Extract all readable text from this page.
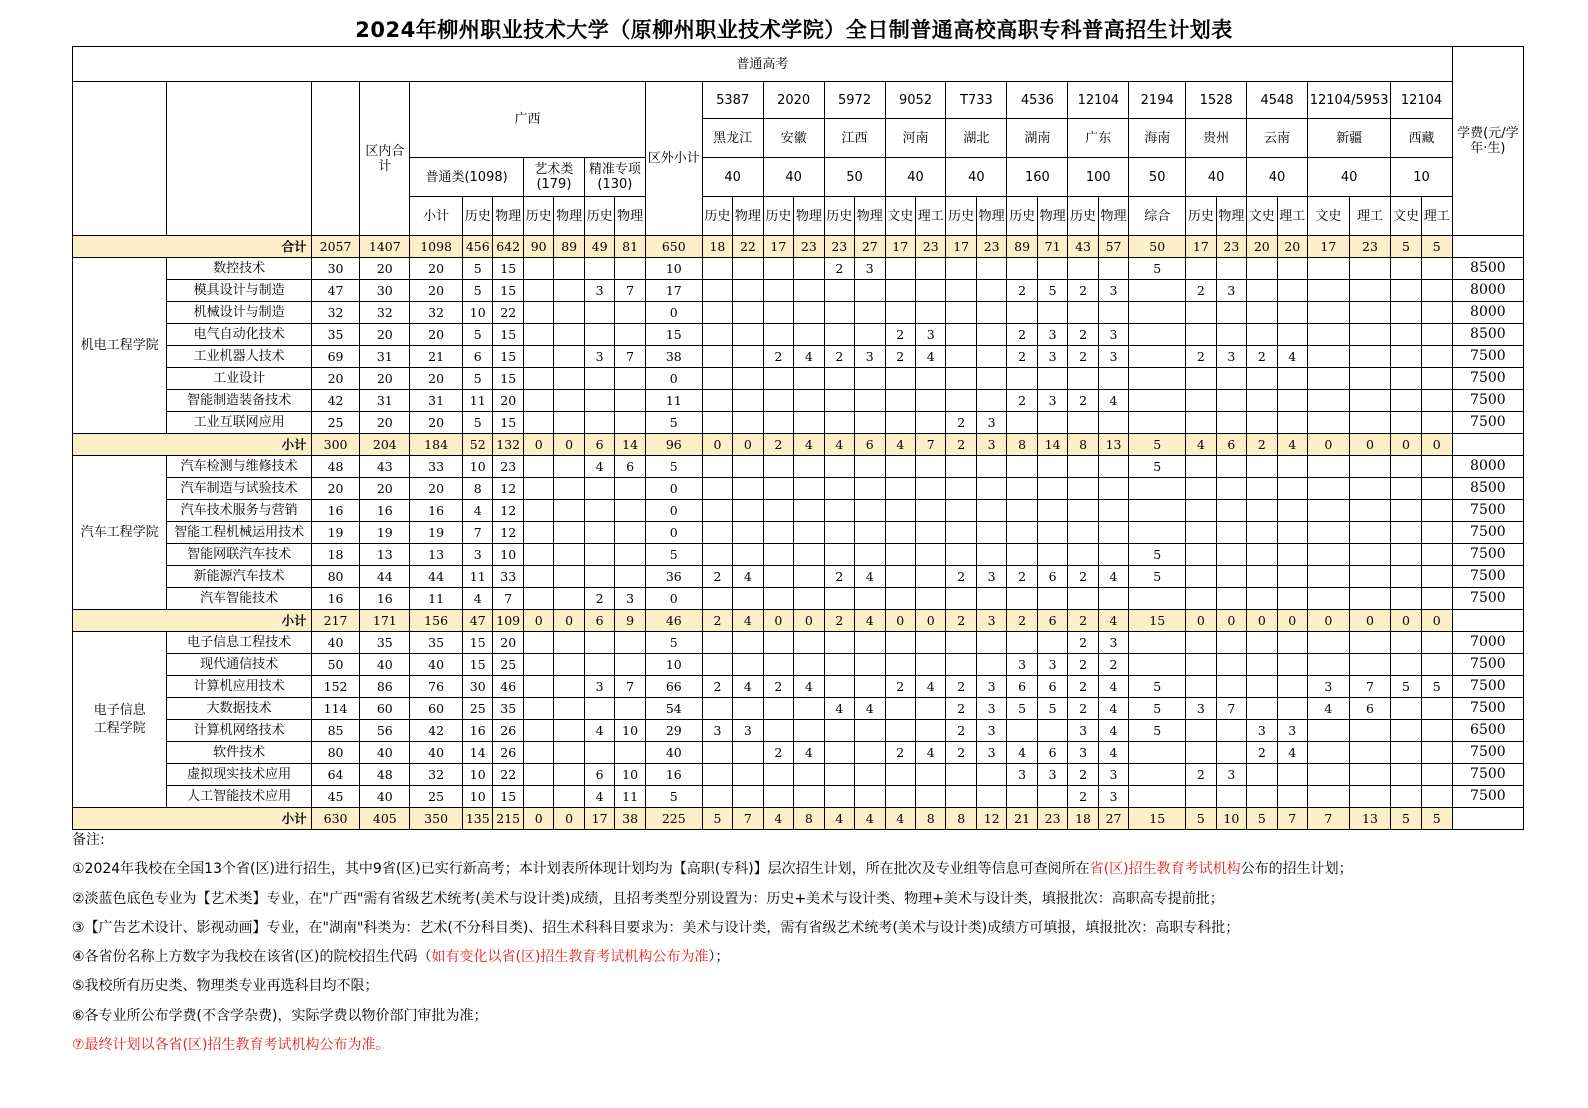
2024年柳州职业技术大学（原柳州职业技术学院）全日制普通高校高职专科普高招生计划表
普通高考																																			学费(元/学年·生)
			区内合计	广西							区外小计	5387		2020		5972		9052		T733		4536		12104		2194	1528		4548		12104/5953		12104		
												黑龙江		安徽		江西		河南		湖北		湖南		广东		海南	贵州		云南		新疆		西藏		
				普通类(1098)			艺术类(179)		精准专项(130)			40		40		50		40		40		160		100		50	40		40		40		10		
				小计	历史	物理	历史	物理	历史	物理		历史	物理	历史	物理	历史	物理	文史	理工	历史	物理	历史	物理	历史	物理	综合	历史	物理	文史	理工	文史	理工	文史	理工	
合计		2057	1407	1098	456	642	90	89	49	81	650	18	22	17	23	23	27	17	23	17	23	89	71	43	57	50	17	23	20	20	17	23	5	5	
机电工程学院	数控技术	30	20	20	5	15					10					2	3									5									8500
	模具设计与制造	47	30	20	5	15			3	7	17											2	5	2	3		2	3							8000
	机械设计与制造	32	32	32	10	22					0																								8000
	电气自动化技术	35	20	20	5	15					15							2	3			2	3	2	3										8500
	工业机器人技术	69	31	21	6	15			3	7	38			2	4	2	3	2	4			2	3	2	3		2	3	2	4					7500
	工业设计	20	20	20	5	15					0																								7500
	智能制造装备技术	42	31	31	11	20					11											2	3	2	4										7500
	工业互联网应用	25	20	20	5	15					5									2	3														7500
小计		300	204	184	52	132	0	0	6	14	96	0	0	2	4	4	6	4	7	2	3	8	14	8	13	5	4	6	2	4	0	0	0	0	
汽车工程学院	汽车检测与维修技术	48	43	33	10	23			4	6	5															5									8000
	汽车制造与试验技术	20	20	20	8	12					0																								8500
	汽车技术服务与营销	16	16	16	4	12					0																								7500
	智能工程机械运用技术	19	19	19	7	12					0																								7500
	智能网联汽车技术	18	13	13	3	10					5															5									7500
	新能源汽车技术	80	44	44	11	33					36	2	4			2	4			2	3	2	6	2	4	5									7500
	汽车智能技术	16	16	11	4	7			2	3	0																								7500
小计		217	171	156	47	109	0	0	6	9	46	2	4	0	0	2	4	0	0	2	3	2	6	2	4	15	0	0	0	0	0	0	0	0	

电子信息
工程学院	电子信息工程技术	40	35	35	15	20					5													2	3										7000
	现代通信技术	50	40	40	15	25					10											3	3	2	2										7500
	计算机应用技术	152	86	76	30	46			3	7	66	2	4	2	4			2	4	2	3	6	6	2	4	5					3	7	5	5	7500
	大数据技术	114	60	60	25	35					54					4	4			2	3	5	5	2	4	5	3	7			4	6			7500
	计算机网络技术	85	56	42	16	26			4	10	29	3	3							2	3			3	4	5			3	3					6500
	软件技术	80	40	40	14	26					40			2	4			2	4	2	3	4	6	3	4				2	4					7500
	虚拟现实技术应用	64	48	32	10	22			6	10	16											3	3	2	3		2	3							7500
	人工智能技术应用	45	40	25	10	15			4	11	5													2	3										7500
小计		630	405	350	135	215	0	0	17	38	225	5	7	4	8	4	4	4	8	8	12	21	23	18	27	15	5	10	5	7	7	13	5	5	
备注:
①2024年我校在全国13个省(区)进行招生，其中9省(区)已实行新高考；本计划表所体现计划均为【高职(专科)】层次招生计划，所在批次及专业组等信息可查阅所在省(区)招生教育考试机构公布的招生计划；
②淡蓝色底色专业为【艺术类】专业，在"广西"需有省级艺术统考(美术与设计类)成绩，且招考类型分别设置为：历史+美术与设计类、物理+美术与设计类，填报批次：高职高专提前批；
③【广告艺术设计、影视动画】专业，在"湖南"科类为：艺术(不分科目类)、招生术科科目要求为：美术与设计类，需有省级艺术统考(美术与设计类)成绩方可填报，填报批次：高职专科批；
④各省份名称上方数字为我校在该省(区)的院校招生代码（如有变化以省(区)招生教育考试机构公布为准）；
⑤我校所有历史类、物理类专业再选科目均不限；
⑥各专业所公布学费(不含学杂费)，实际学费以物价部门审批为准；
⑦最终计划以各省(区)招生教育考试机构公布为准。
